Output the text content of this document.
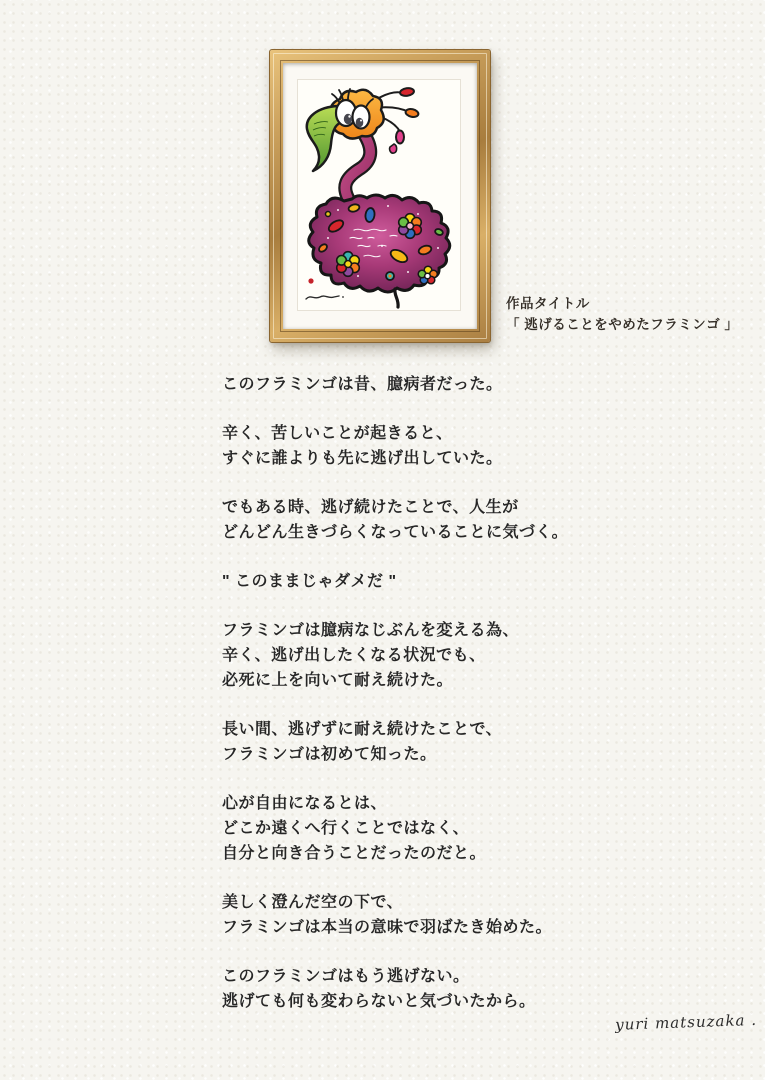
作品タイトル
「 逃げることをやめたフラミンゴ 」
このフラミンゴは昔、臆病者だった。
辛く、苦しいことが起きると、
すぐに誰よりも先に逃げ出していた。
でもある時、逃げ続けたことで、人生が
どんどん生きづらくなっていることに気づく。
" このままじゃダメだ "
フラミンゴは臆病なじぶんを変える為、
辛く、逃げ出したくなる状況でも、
必死に上を向いて耐え続けた。
長い間、逃げずに耐え続けたことで、
フラミンゴは初めて知った。
心が自由になるとは、
どこか遠くへ行くことではなく、
自分と向き合うことだったのだと。
美しく澄んだ空の下で、
フラミンゴは本当の意味で羽ばたき始めた。
このフラミンゴはもう逃げない。
逃げても何も変わらないと気づいたから。
yuri matsuzaka .
